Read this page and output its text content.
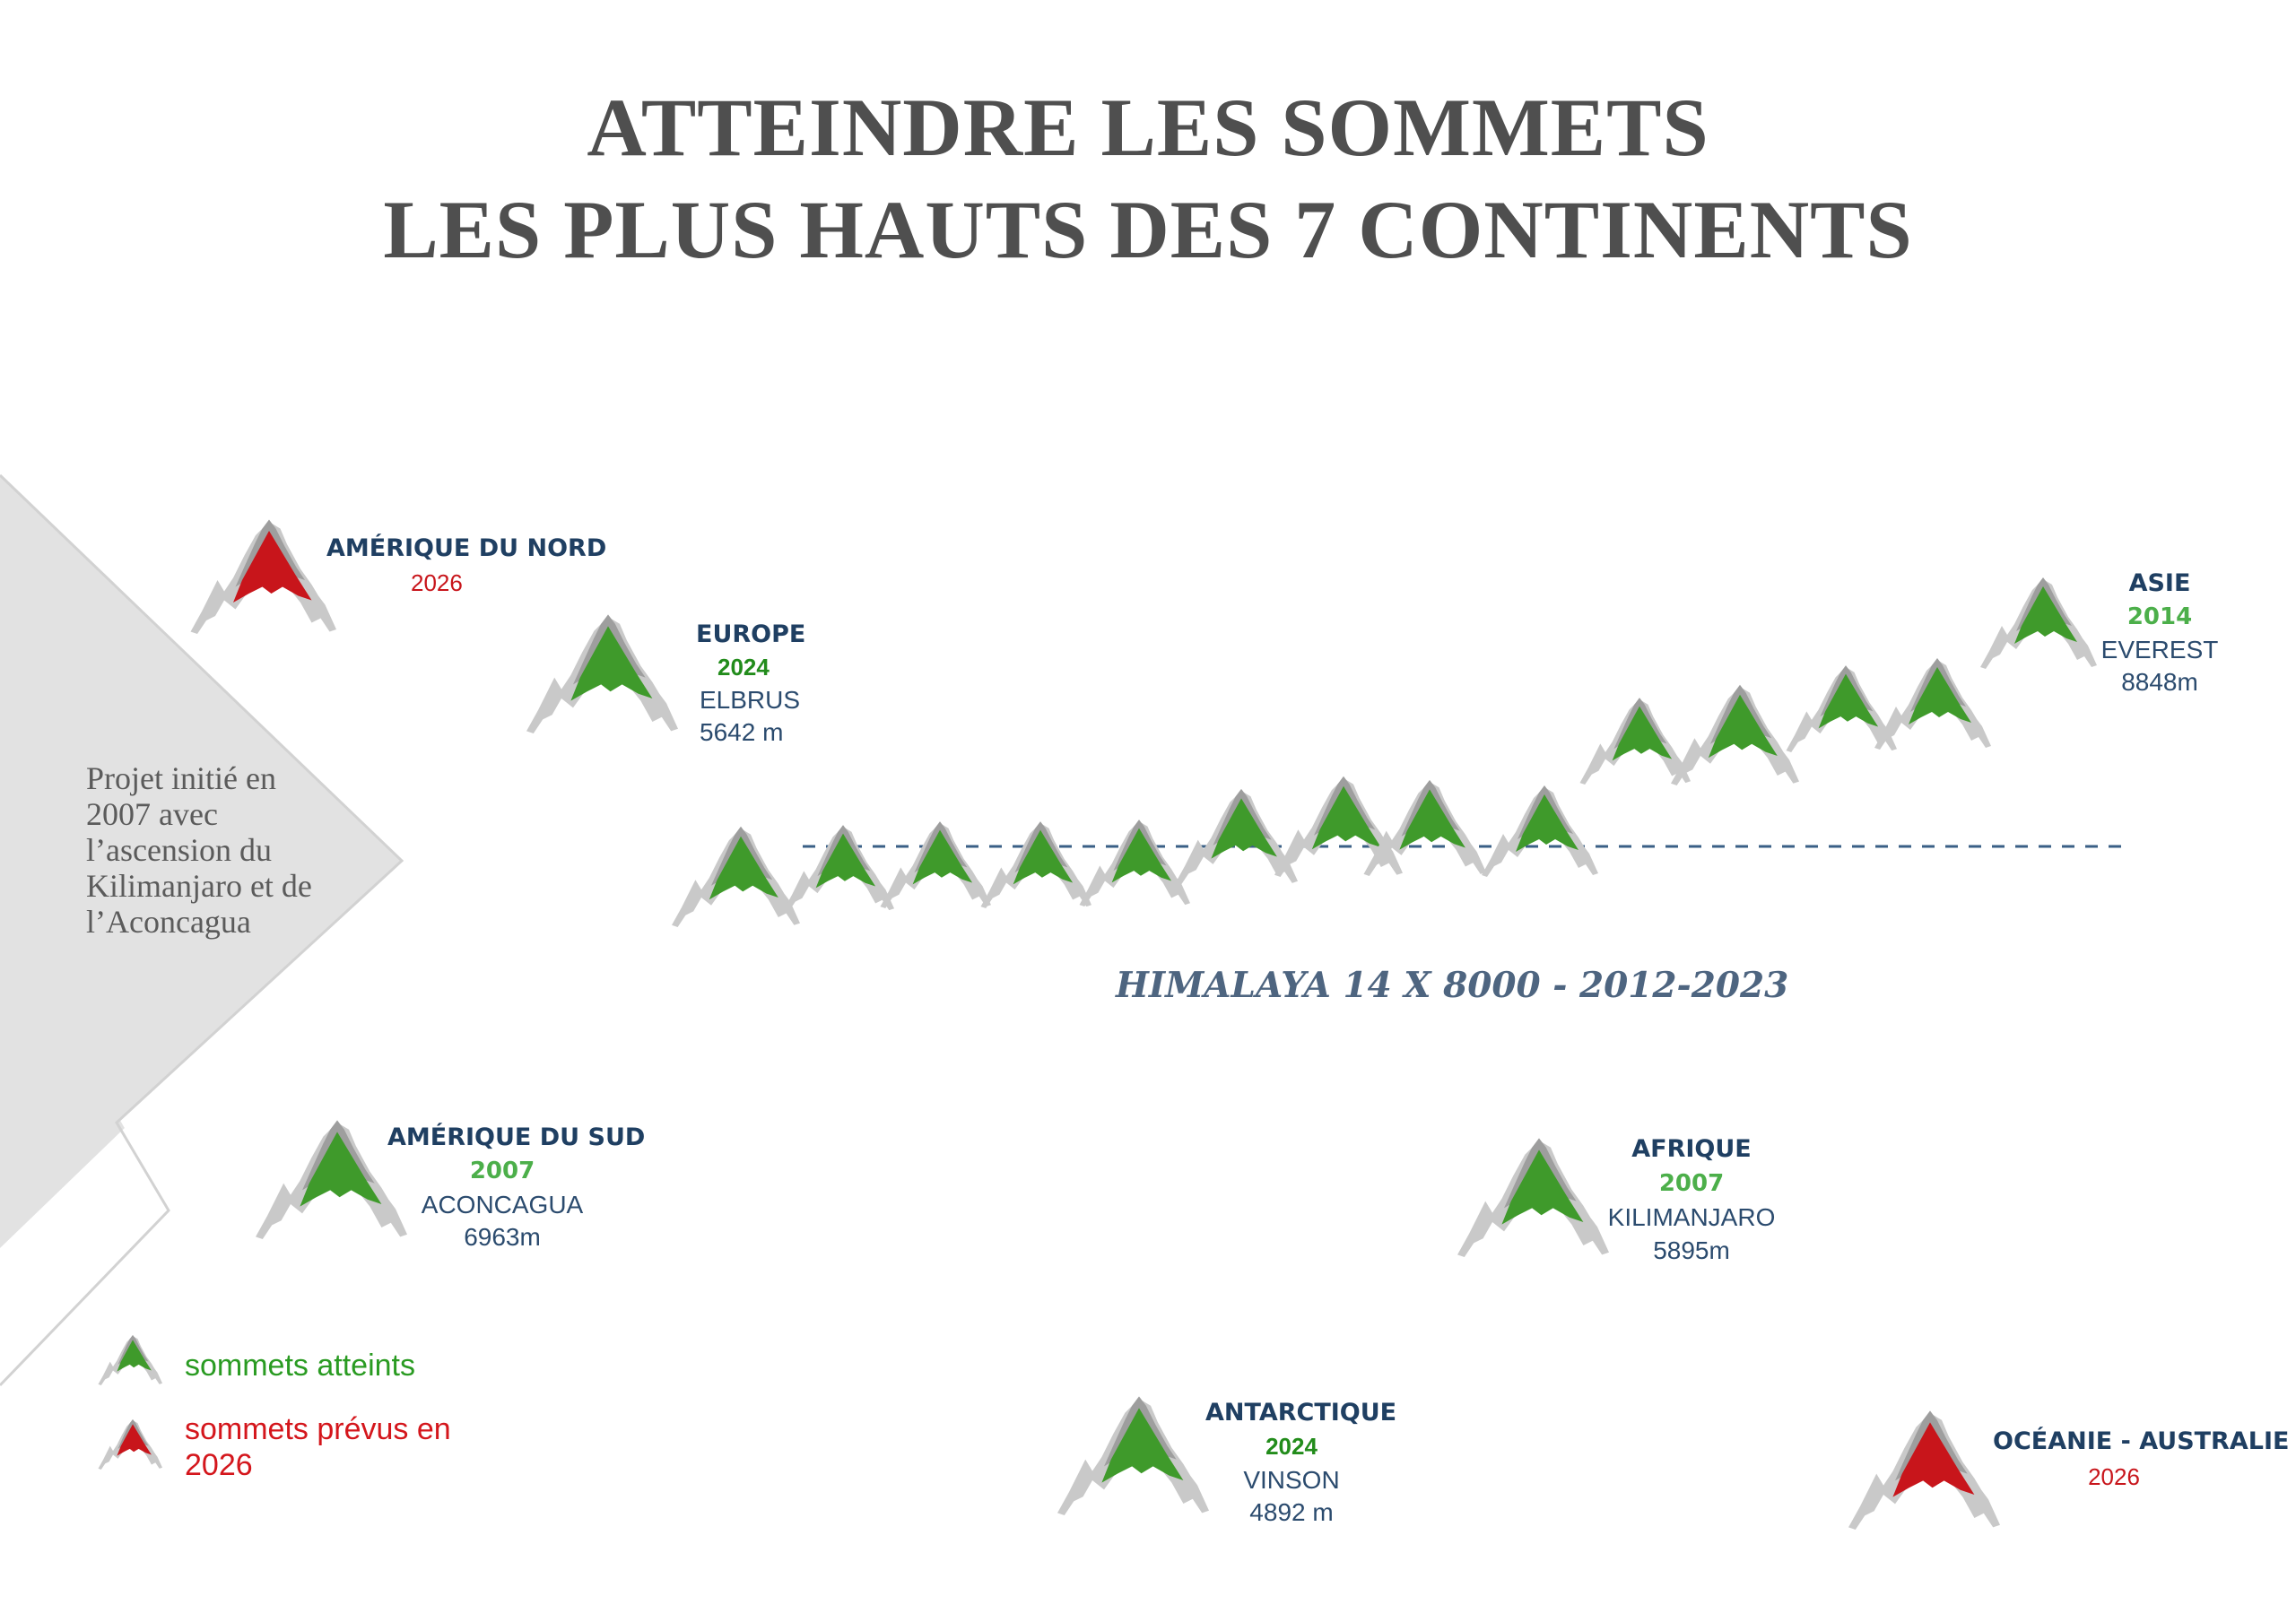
ATTEINDRE LES SOMMETS
LES PLUS HAUTS DES 7 CONTINENTS
Projet initié en 2007 avec l’ascension du Kilimanjaro et de l’Aconcagua
AMÉRIQUE DU NORD
2026
EUROPE
2024
ELBRUS
5642 m
ASIE
2014
EVEREST
8848m
HIMALAYA 14 X 8000 - 2012-2023
AMÉRIQUE DU SUD
2007
ACONCAGUA
6963m
AFRIQUE
2007
KILIMANJARO
5895m
ANTARCTIQUE
2024
VINSON
4892 m
OCÉANIE - AUSTRALIE
2026
sommets atteints
sommets prévus en 2026
